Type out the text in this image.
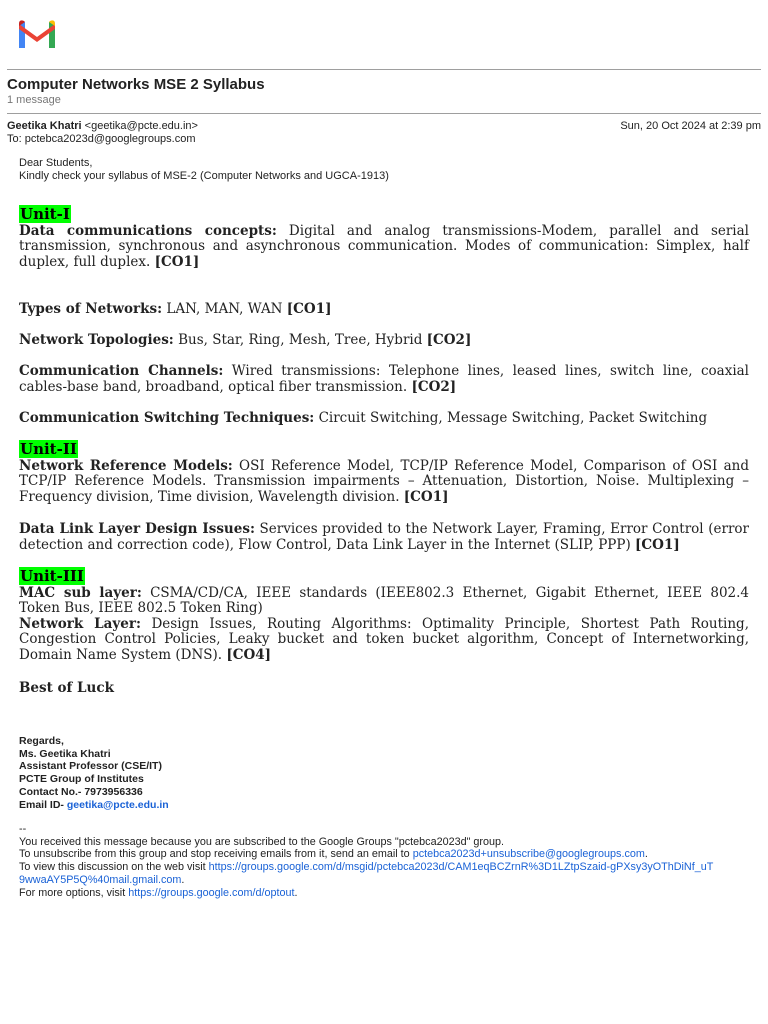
Computer Networks MSE 2 Syllabus
1 message
Geetika Khatri <geetika@pcte.edu.in>	Sun, 20 Oct 2024 at 2:39 pm
To: pctebca2023d@googlegroups.com
Dear Students,
Kindly check your syllabus of MSE-2 (Computer Networks and UGCA-1913)
Unit-I
Data communications concepts: Digital and analog transmissions-Modem, parallel and serial transmission, synchronous and asynchronous communication. Modes of communication: Simplex, half duplex, full duplex. [CO1]
Types of Networks: LAN, MAN, WAN [CO1]
Network Topologies: Bus, Star, Ring, Mesh, Tree, Hybrid [CO2]
Communication Channels: Wired transmissions: Telephone lines, leased lines, switch line, coaxial cables-base band, broadband, optical fiber transmission. [CO2]
Communication Switching Techniques: Circuit Switching, Message Switching, Packet Switching
Unit-II
Network Reference Models: OSI Reference Model, TCP/IP Reference Model, Comparison of OSI and TCP/IP Reference Models. Transmission impairments – Attenuation, Distortion, Noise. Multiplexing – Frequency division, Time division, Wavelength division. [CO1]
Data Link Layer Design Issues: Services provided to the Network Layer, Framing, Error Control (error detection and correction code), Flow Control, Data Link Layer in the Internet (SLIP, PPP) [CO1]
Unit-III
MAC sub layer: CSMA/CD/CA, IEEE standards (IEEE802.3 Ethernet, Gigabit Ethernet, IEEE 802.4 Token Bus, IEEE 802.5 Token Ring)
Network Layer: Design Issues, Routing Algorithms: Optimality Principle, Shortest Path Routing, Congestion Control Policies, Leaky bucket and token bucket algorithm, Concept of Internetworking, Domain Name System (DNS). [CO4]
Best of Luck
Regards,
Ms. Geetika Khatri
Assistant Professor (CSE/IT)
PCTE Group of Institutes
Contact No.- 7973956336
Email ID- geetika@pcte.edu.in
--
You received this message because you are subscribed to the Google Groups "pctebca2023d" group.
To unsubscribe from this group and stop receiving emails from it, send an email to pctebca2023d+unsubscribe@googlegroups.com.
To view this discussion on the web visit https://groups.google.com/d/msgid/pctebca2023d/CAM1eqBCZrnR%3D1LZtpSzaid-gPXsy3yOThDiNf_uT9wwaAY5P5Q%40mail.gmail.com.
For more options, visit https://groups.google.com/d/optout.
